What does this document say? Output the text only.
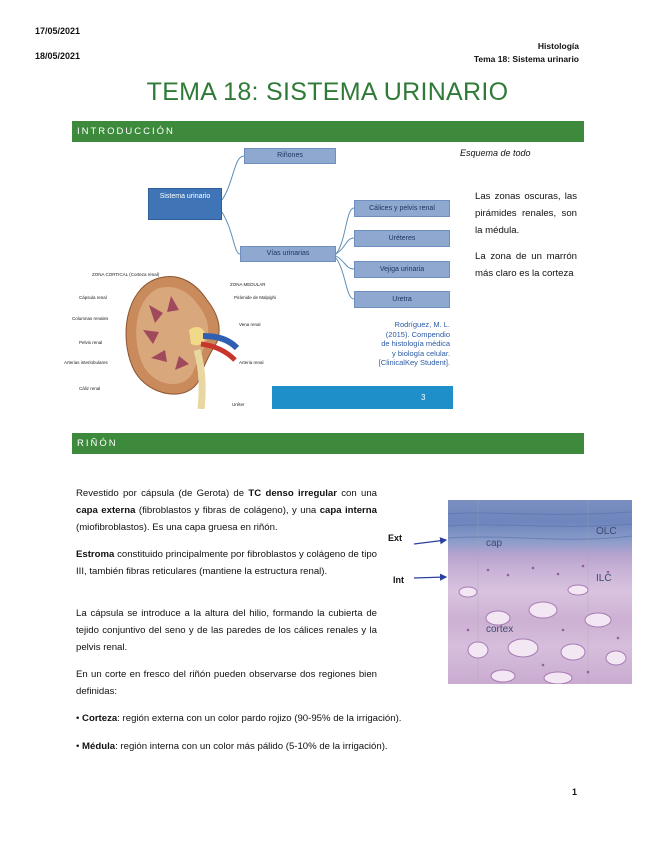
17/05/2021
18/05/2021
Histología
Tema 18: Sistema urinario
TEMA 18: SISTEMA URINARIO
INTRODUCCIÓN
Sistema urinario
Riñones
Vías urinarias
Cálices y pelvis renal
Uréteres
Vejiga urinaria
Uretra
Rodríguez, M. L.
(2015). Compendio
de histología médica
y biología celular.
[ClinicalKey Student].
3
ZONA CORTICAL (Corteza renal)
Cápsula renal
Columnas renales
Pelvis renal
Arterias interlobulares
Cáliz renal
ZONA MEDULAR
Pirámide de Malpighi
Vena renal
Arteria renal
Uréter
Esquema de todo
Las zonas oscuras, las pirámides renales, son la médula.
La zona de un marrón más claro es la corteza
RIÑÓN
Revestido por cápsula (de Gerota) de TC denso irregular con una capa externa (fibroblastos y fibras de colágeno), y una capa interna (miofibroblastos). Es una capa gruesa en riñón.
Estroma constituido principalmente por fibroblastos y colágeno de tipo III, también fibras reticulares (mantiene la estructura renal).
La cápsula se introduce a la altura del hilio, formando la cubierta de tejido conjuntivo del seno y de las paredes de los cálices renales y la pelvis renal.
En un corte en fresco del riñón pueden observarse dos regiones bien definidas:
• Corteza: región externa con un color pardo rojizo (90-95% de la irrigación).
• Médula: región interna con un color más pálido (5-10% de la irrigación).
Ext
Int
cap
OLC
ILC
cortex
1
